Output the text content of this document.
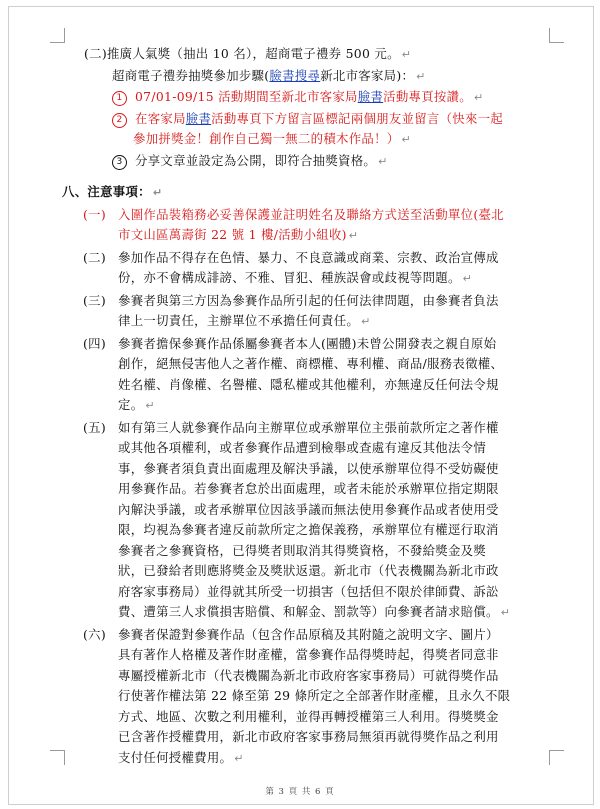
(二)推廣人氣獎（抽出 10 名），超商電子禮券 500 元。 ↵
超商電子禮券抽獎參加步驟(臉書搜尋新北市客家局)： ↵
1 07/01-09/15 活動期間至新北市客家局臉書活動專頁按讚。 ↵
2 在客家局臉書活動專頁下方留言區標記兩個朋友並留言（快來一起
參加拼獎金！創作自己獨一無二的積木作品！） ↵
3 分享文章並設定為公開，即符合抽獎資格。 ↵
八、注意事項： ↵
(一) 入圍作品裝箱務必妥善保護並註明姓名及聯絡方式送至活動單位(臺北
市文山區萬壽街 22 號 1 樓/活動小組收) ↵
(二) 參加作品不得存在色情、暴力、不良意識或商業、宗教、政治宣傳成
份，亦不會構成誹謗、不雅、冒犯、種族誤會或歧視等問題。 ↵
(三) 參賽者與第三方因為參賽作品所引起的任何法律問題，由參賽者負法
律上一切責任，主辦單位不承擔任何責任。 ↵
(四) 參賽者擔保參賽作品係屬參賽者本人(團體)未曾公開發表之親自原始
創作，絕無侵害他人之著作權、商標權、專利權、商品/服務表徵權、
姓名權、肖像權、名譽權、隱私權或其他權利，亦無違反任何法令規
定。 ↵
(五) 如有第三人就參賽作品向主辦單位或承辦單位主張前款所定之著作權
或其他各項權利，或者參賽作品遭到檢舉或查處有違反其他法令情
事，參賽者須負責出面處理及解決爭議，以使承辦單位得不受妨礙使
用參賽作品。若參賽者怠於出面處理，或者未能於承辦單位指定期限
內解決爭議，或者承辦單位因該爭議而無法使用參賽作品或者使用受
限，均視為參賽者違反前款所定之擔保義務，承辦單位有權逕行取消
參賽者之參賽資格，已得獎者則取消其得獎資格，不發給獎金及獎
狀，已發給者則應將獎金及獎狀返還。新北市（代表機關為新北市政
府客家事務局）並得就其所受一切損害（包括但不限於律師費、訴訟
費、遭第三人求償損害賠償、和解金、罰款等）向參賽者請求賠償。 ↵
(六) 參賽者保證對參賽作品（包含作品原稿及其附隨之說明文字、圖片）
具有著作人格權及著作財產權，當參賽作品得獎時起，得獎者同意非
專屬授權新北市（代表機關為新北市政府客家事務局）可就得獎作品
行使著作權法第 22 條至第 29 條所定之全部著作財產權，且永久不限
方式、地區、次數之利用權利，並得再轉授權第三人利用。得獎獎金
已含著作授權費用，新北市政府客家事務局無須再就得獎作品之利用
支付任何授權費用。 ↵
第 3 頁 共 6 頁
